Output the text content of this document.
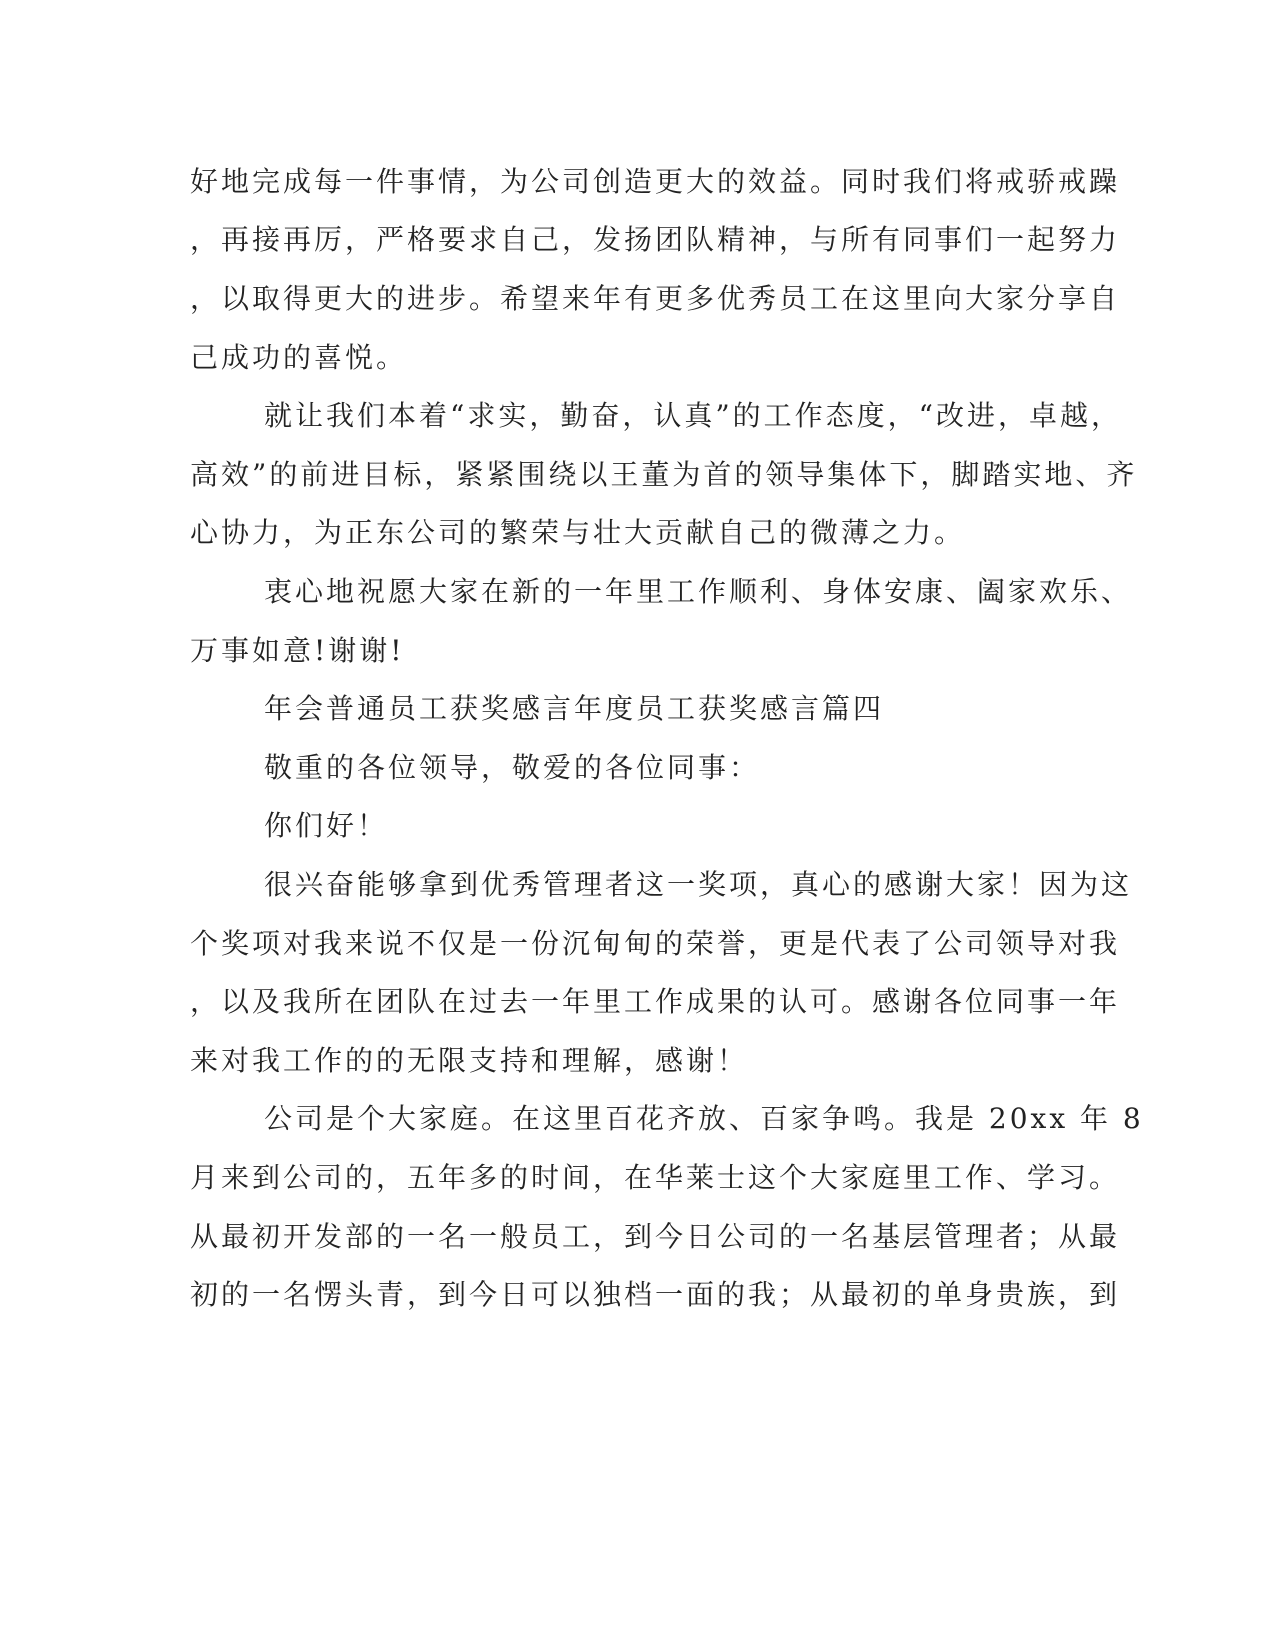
好地完成每一件事情，为公司创造更大的效益。同时我们将戒骄戒躁

，再接再厉，严格要求自己，发扬团队精神，与所有同事们一起努力

，以取得更大的进步。希望来年有更多优秀员工在这里向大家分享自

己成功的喜悦。

就让我们本着“求实，勤奋，认真”的工作态度，“改进，卓越，

高效”的前进目标，紧紧围绕以王董为首的领导集体下，脚踏实地、齐

心协力，为正东公司的繁荣与壮大贡献自己的微薄之力。

衷心地祝愿大家在新的一年里工作顺利、身体安康、阖家欢乐、

万事如意!谢谢!

年会普通员工获奖感言年度员工获奖感言篇四

敬重的各位领导，敬爱的各位同事：

你们好！

很兴奋能够拿到优秀管理者这一奖项，真心的感谢大家！因为这

个奖项对我来说不仅是一份沉甸甸的荣誉，更是代表了公司领导对我

，以及我所在团队在过去一年里工作成果的认可。感谢各位同事一年

来对我工作的的无限支持和理解，感谢！

公司是个大家庭。在这里百花齐放、百家争鸣。我是 20xx 年 8

月来到公司的，五年多的时间，在华莱士这个大家庭里工作、学习。

从最初开发部的一名一般员工，到今日公司的一名基层管理者；从最

初的一名愣头青，到今日可以独档一面的我；从最初的单身贵族，到
